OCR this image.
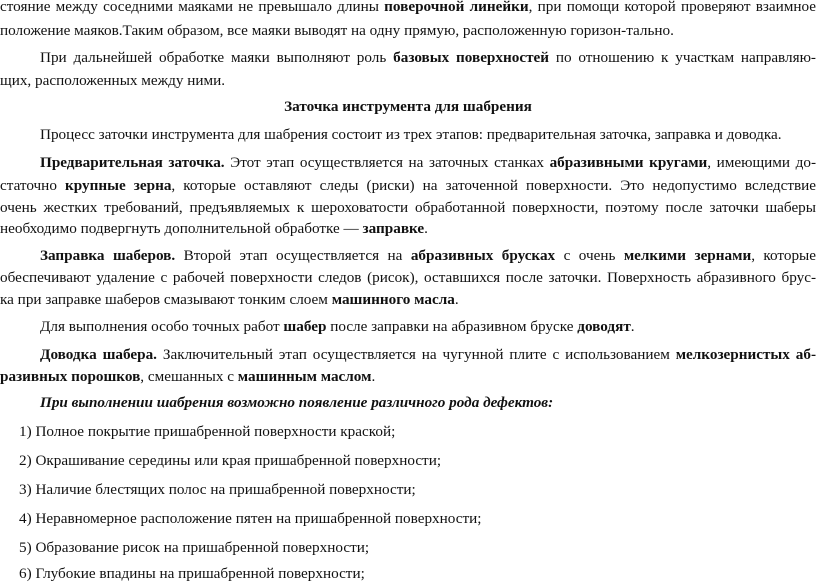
стояние между соседними маяками не превышало длины поверочной линейки, при помощи которой проверяют взаимное
положение маяков.Таким образом, все маяки выводят на одну прямую, расположенную горизон-тально.
При дальнейшей обработке маяки выполняют роль базовых поверхностей по отношению к участкам направляю-
щих, расположенных между ними.
Заточка инструмента для шабрения
Процесс заточки инструмента для шабрения состоит из трех этапов: предварительная заточка, заправка и доводка.
Предварительная заточка. Этот этап осуществляется на заточных станках абразивными кругами, имеющими до-
статочно крупные зерна, которые оставляют следы (риски) на заточенной поверхности. Это недопустимо вследствие
очень жестких требований, предъявляемых к шероховатости обработанной поверхности, поэтому после заточки шаберы
необходимо подвергнуть дополнительной обработке — заправке.
Заправка шаберов. Второй этап осуществляется на абразивных брусках с очень мелкими зернами, которые
обеспечивают удаление с рабочей поверхности следов (рисок), оставшихся после заточки. Поверхность абразивного брус-
ка при заправке шаберов смазывают тонким слоем машинного масла.
Для выполнения особо точных работ шабер после заправки на абразивном бруске доводят.
Доводка шабера. Заключительный этап осуществляется на чугунной плите с использованием мелкозернистых аб-
разивных порошков, смешанных с машинным маслом.
При выполнении шабрения возможно появление различного рода дефектов:
1) Полное покрытие пришабренной поверхности краской;
2) Окрашивание середины или края пришабренной поверхности;
3) Наличие блестящих полос на пришабренной поверхности;
4) Неравномерное расположение пятен на пришабренной поверхности;
5) Образование рисок на пришабренной поверхности;
6) Глубокие впадины на пришабренной поверхности;
